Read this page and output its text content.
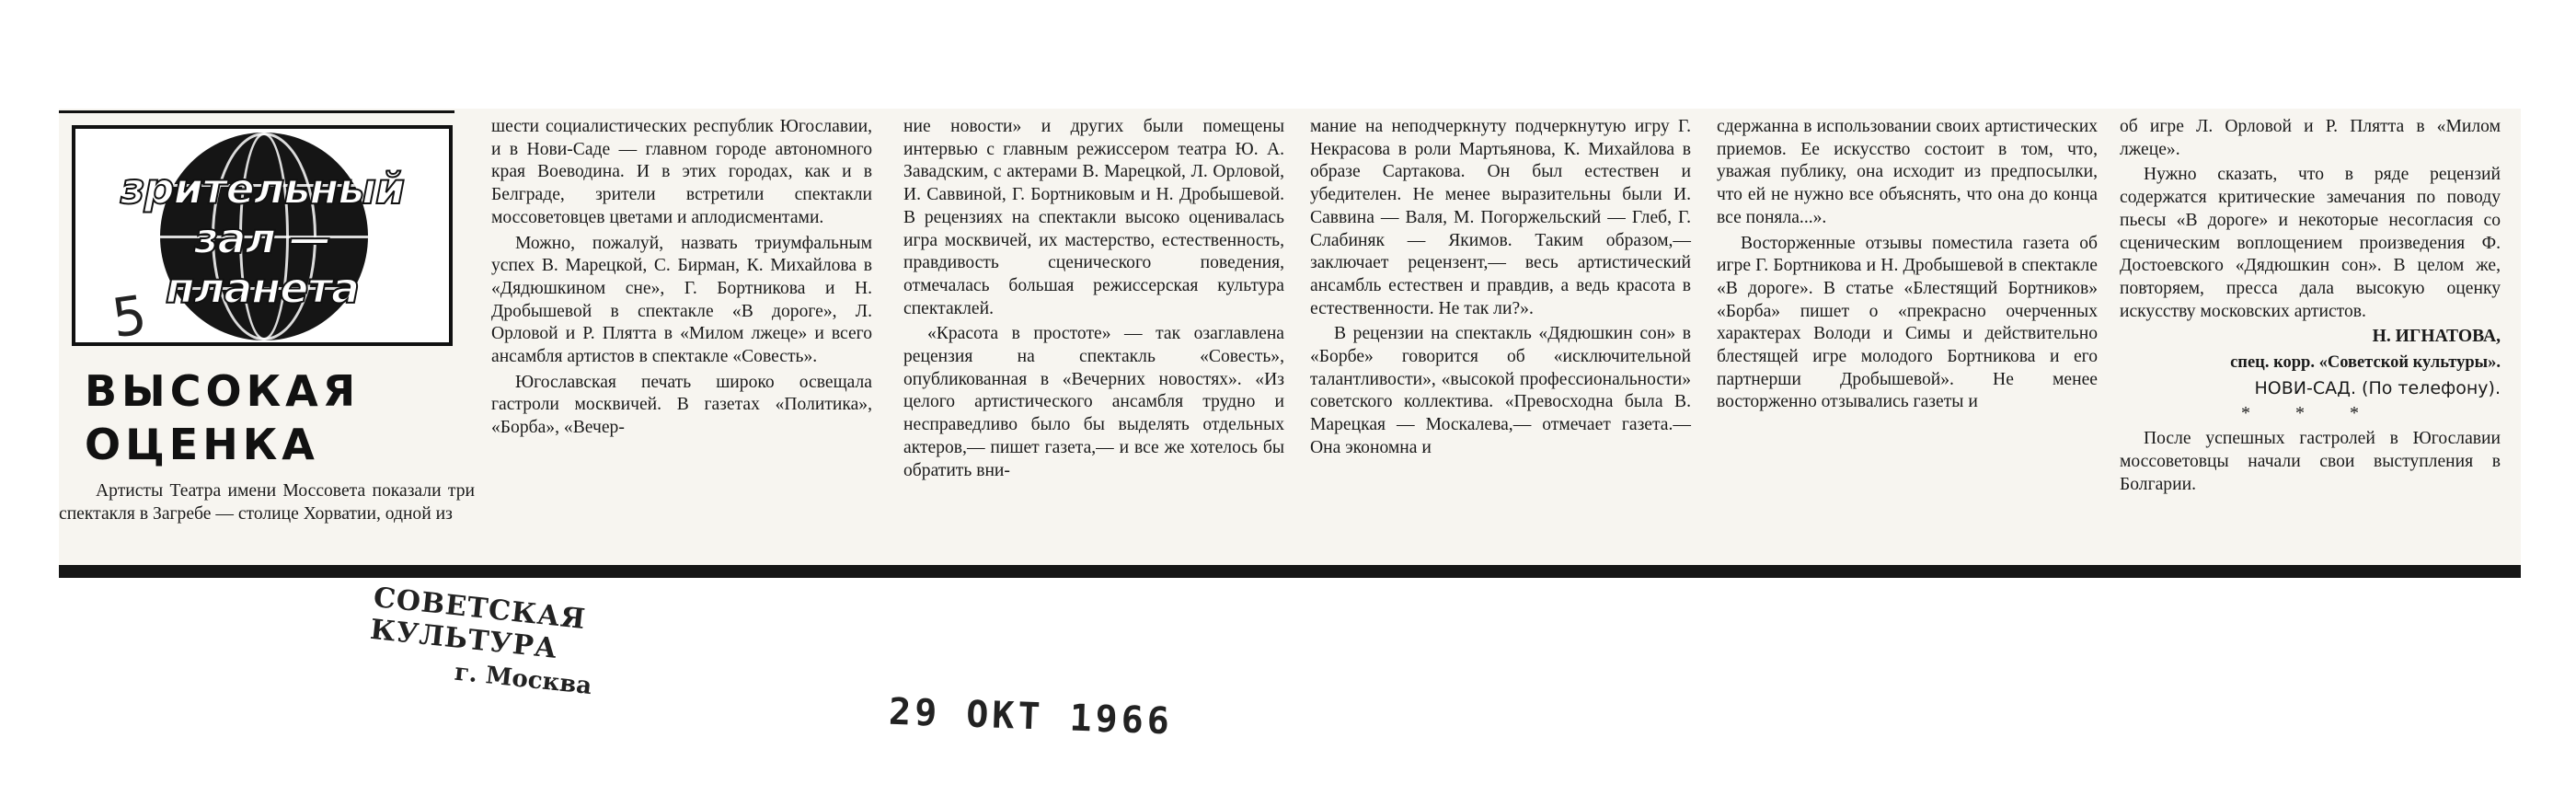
зрительный
зал —
планета
5
ВЫСОКАЯ
ОЦЕНКА
Артисты Театра имени Моссовета показали три спектакля в Загребе — столице Хорватии, одной из

шести социалистических республик Югославии, и в Нови-Саде — главном городе автономного края Воеводина. И в этих городах, как и в Белграде, зрители встретили спектакли моссоветовцев цветами и аплодисментами.

Можно, пожалуй, назвать триумфальным успех В. Марецкой, С. Бирман, К. Михайлова в «Дядюшкином сне», Г. Бортникова и Н. Дробышевой в спектакле «В дороге», Л. Орловой и Р. Плятта в «Милом лжеце» и всего ансамбля артистов в спектакле «Совесть».

Югославская печать широко освещала гастроли москвичей. В газетах «Политика», «Борба», «Вечер-

ние новости» и других были помещены интервью с главным режиссером театра Ю. А. Завадским, с актерами В. Марецкой, Л. Орловой, И. Саввиной, Г. Бортниковым и Н. Дробышевой. В рецензиях на спектакли высоко оценивалась игра москвичей, их мастерство, естественность, правдивость сценического поведения, отмечалась большая режиссерская культура спектаклей.

«Красота в простоте» — так озаглавлена рецензия на спектакль «Совесть», опубликованная в «Вечерних новостях». «Из целого артистического ансамбля трудно и несправедливо было бы выделять отдельных актеров,— пишет газета,— и все же хотелось бы обратить вни-

мание на неподчеркнуту подчеркнутую игру Г. Некрасова в роли Мартьянова, К. Михайлова в образе Сартакова. Он был естествен и убедителен. Не менее выразительны были И. Саввина — Валя, М. Погоржельский — Глеб, Г. Слабиняк — Якимов. Таким образом,— заключает рецензент,— весь артистический ансамбль естествен и правдив, а ведь красота в естественности. Не так ли?».

В рецензии на спектакль «Дядюшкин сон» в «Борбе» говорится об «исключительной талантливости», «высокой профессиональности» советского коллектива. «Превосходна была В. Марецкая — Москалева,— отмечает газета.— Она экономна и

сдержанна в использовании своих артистических приемов. Ее искусство состоит в том, что, уважая публику, она исходит из предпосылки, что ей не нужно все объяснять, что она до конца все поняла...».

Восторженные отзывы поместила газета об игре Г. Бортникова и Н. Дробышевой в спектакле «В дороге». В статье «Блестящий Бортников» «Борба» пишет о «прекрасно очерченных характерах Володи и Симы и действительно блестящей игре молодого Бортникова и его партнерши Дробышевой». Не менее восторженно отзывались газеты и

об игре Л. Орловой и Р. Плятта в «Милом лжеце».

Нужно сказать, что в ряде рецензий содержатся критические замечания по поводу пьесы «В дороге» и некоторые несогласия со сценическим воплощением произведения Ф. Достоевского «Дядюшкин сон». В целом же, повторяем, пресса дала высокую оценку искусству московских артистов.

Н. ИГНАТОВА,

спец. корр. «Советской культуры».

НОВИ-САД. (По телефону).

* * *

После успешных гастролей в Югославии моссоветовцы начали свои выступления в Болгарии.

СОВЕТСКАЯ КУЛЬТУРА
г. Москва
29 ОКТ 1966
